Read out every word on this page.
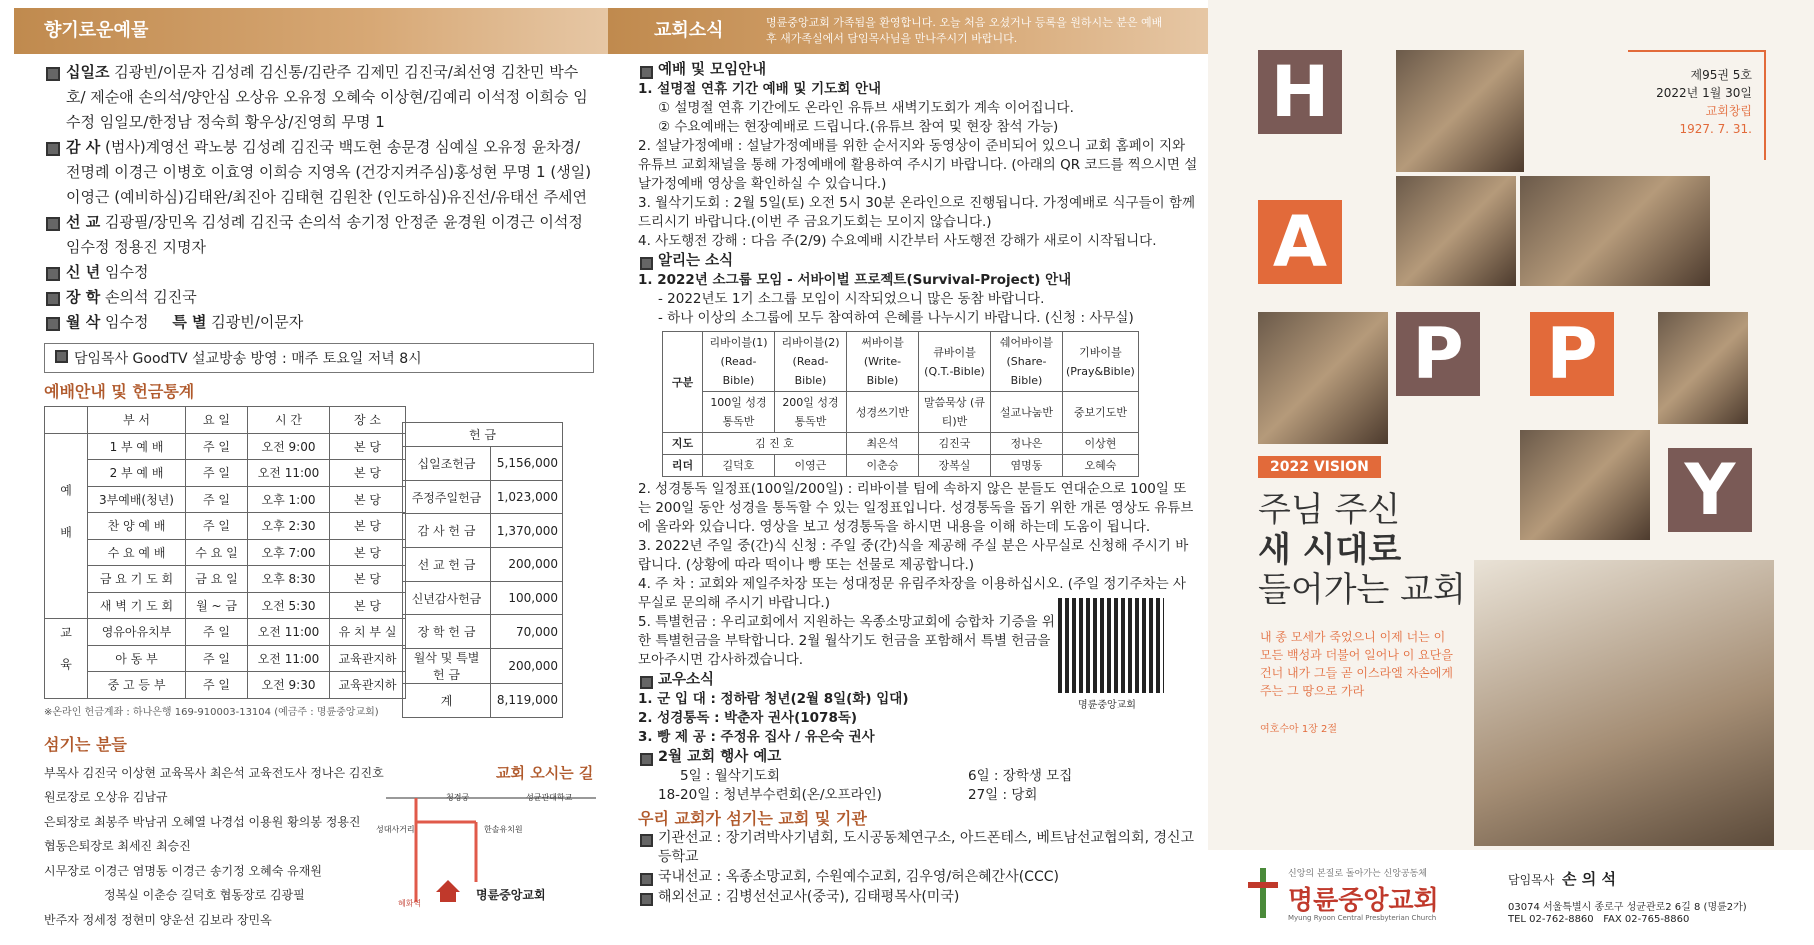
향기로운예물
십일조 김광빈/이문자 김성례 김신통/김란주 김제민 김진국/최선영 김찬민 박수호/ 제순애 손의석/양안심 오상유 오유정 오혜숙 이상현/김예리 이석정 이희승 임수정 임일모/한정남 정숙희 황우상/진영희 무명 1
감 사 (범사)계영선 곽노붕 김성례 김진국 백도현 송문경 심예실 오유정 윤차경/ 전명례 이경근 이병호 이효영 이희승 지영옥 (건강지켜주심)홍성현 무명 1 (생일)이영근 (예비하심)김태완/최진아 김태현 김원찬 (인도하심)유진선/유태선 주세연
선 교 김광필/장민옥 김성례 김진국 손의석 송기정 안정준 윤경원 이경근 이석정 임수정 정용진 지명자
신 년 임수정
장 학 손의석 김진국
월 삭 임수정 특 별 김광빈/이문자
담임목사 GoodTV 설교방송 방영 : 매주 토요일 저녁 8시
예배안내 및 헌금통계
	부 서	요 일	시 간	장 소
예배	1 부 예 배	주 일	오전 9:00	본 당
	2 부 예 배	주 일	오전 11:00	본 당
	3부예배(청년)	주 일	오후 1:00	본 당
	찬 양 예 배	주 일	오후 2:30	본 당
	수 요 예 배	수 요 일	오후 7:00	본 당
	금 요 기 도 회	금 요 일	오후 8:30	본 당
	새 벽 기 도 회	월 ~ 금	오전 5:30	본 당
교육	영유아유치부	주 일	오전 11:00	유 치 부 실
	아 동 부	주 일	오전 11:00	교육관지하
	중 고 등 부	주 일	오전 9:30	교육관지하
헌 금	
십일조헌금	5,156,000
주정주일헌금	1,023,000
감 사 헌 금	1,370,000
선 교 헌 금	200,000
신년감사헌금	100,000
장 학 헌 금	70,000
월삭 및 특별 헌 금	200,000
계	8,119,000
※온라인 헌금계좌 : 하나은행 169-910003-13104 (예금주 : 명륜중앙교회)
섬기는 분들
부목사 김진국 이상현 교육목사 최은석 교육전도사 정나은 김진호
원로장로 오상유 김남규
은퇴장로 최봉주 박남귀 오혜열 나경섭 이용원 황의봉 정용진
협동은퇴장로 최세진 최승진
시무장로 이경근 염명동 이경근 송기정 오혜숙 유재원
정복실 이춘승 길덕호 협동장로 김광필
반주자 정세정 정현미 양운선 김보라 장민옥
교회 오시는 길
명륜중앙교회
성균관대학교
청경궁
성대사거리	한솔유치원
혜화역
교회소식	명륜중앙교회 가족됨을 환영합니다. 오늘 처음 오셨거나 등록을 원하시는 분은 예배 후 새가족실에서 담임목사님을 만나주시기 바랍니다.
예배 및 모임안내
1. 설명절 연휴 기간 예배 및 기도회 안내
① 설명절 연휴 기간에도 온라인 유튜브 새벽기도회가 계속 이어집니다.
② 수요예배는 현장예배로 드립니다.(유튜브 참여 및 현장 참석 가능)
2. 설날가정예배 : 설날가정예배를 위한 순서지와 동영상이 준비되어 있으니 교회 홈페이 지와 유튜브 교회채널을 통해 가정예배에 활용하여 주시기 바랍니다. (아래의 QR 코드를 찍으시면 설날가정예배 영상을 확인하실 수 있습니다.)
3. 월삭기도회 : 2월 5일(토) 오전 5시 30분 온라인으로 진행됩니다. 가정예배로 식구들이 함께 드리시기 바랍니다.(이번 주 금요기도회는 모이지 않습니다.)
4. 사도행전 강해 : 다음 주(2/9) 수요예배 시간부터 사도행전 강해가 새로이 시작됩니다.
알리는 소식
1. 2022년 소그룹 모임 - 서바이벌 프로젝트(Survival-Project) 안내
- 2022년도 1기 소그룹 모임이 시작되었으니 많은 동참 바랍니다.
- 하나 이상의 소그룹에 모두 참여하여 은혜를 나누시기 바랍니다. (신청 : 사무실)
구분	리바이블(1) (Read-Bible)	리바이블(2) (Read-Bible)	써바이블 (Write-Bible)	큐바이블 (Q.T.-Bible)	쉐어바이블 (Share-Bible)	기바이블 (Pray&Bible)
	100일 성경통독반	200일 성경통독반	성경쓰기반	말씀묵상 (큐티)반	설교나눔반	중보기도반
지도	김 진 호		최은석	김진국	정나은	이상현
리더	길덕호	이영근	이춘승	장복실	염명동	오혜숙
2. 성경통독 일정표(100일/200일) : 리바이블 팀에 속하지 않은 분들도 연대순으로 100일 또는 200일 동안 성경을 통독할 수 있는 일정표입니다. 성경통독을 돕기 위한 개론 영상도 유튜브에 올라와 있습니다. 영상을 보고 성경통독을 하시면 내용을 이해 하는데 도움이 됩니다.
3. 2022년 주일 중(간)식 신청 : 주일 중(간)식을 제공해 주실 분은 사무실로 신청해 주시기 바랍니다. (상황에 따라 떡이나 빵 또는 선물로 제공합니다.)
4. 주 차 : 교회와 제일주차장 또는 성대정문 유림주차장을 이용하십시오. (주일 정기주차는 사무실로 문의해 주시기 바랍니다.)
5. 특별헌금 : 우리교회에서 지원하는 옥종소망교회에 승합차 기증을 위한 특별헌금을 부탁합니다. 2월 월삭기도 헌금을 포함해서 특별 헌금을 모아주시면 감사하겠습니다.
교우소식
1. 군 입 대 : 정하람 청년(2월 8일(화) 입대)
2. 성경통독 : 박춘자 권사(1078독)
3. 빵 제 공 : 주정유 집사 / 유은숙 권사
2월 교회 행사 예고
5일 : 월삭기도회	6일 : 장학생 모집
18-20일 : 청년부수련회(온/오프라인)	27일 : 당회
우리 교회가 섬기는 교회 및 기관
기관선교 : 장기려박사기념회, 도시공동체연구소, 아드폰테스, 베트남선교협의회, 경신고등학교
국내선교 : 옥종소망교회, 수원예수교회, 김우영/허은혜간사(CCC)
해외선교 : 김병선선교사(중국), 김태평목사(미국)
명륜중앙교회
H
A
P P
Y
제95권 5호
2022년 1월 30일
교회창립
1927. 7. 31.
2022 VISION
주님 주신
새 시대로
들어가는 교회
내 종 모세가 죽었으니 이제 너는 이 모든 백성과 더불어 일어나 이 요단을 건너 내가 그들 곧 이스라엘 자손에게 주는 그 땅으로 가라
여호수아 1장 2절
신앙의 본질로 돌아가는 신앙공동체
명륜중앙교회
Myung Ryoon Central Presbyterian Church
담임목사 손 의 석
03074 서울특별시 종로구 성균관로2 6길 8 (명륜2가)
TEL 02-762-8860 FAX 02-765-8860
